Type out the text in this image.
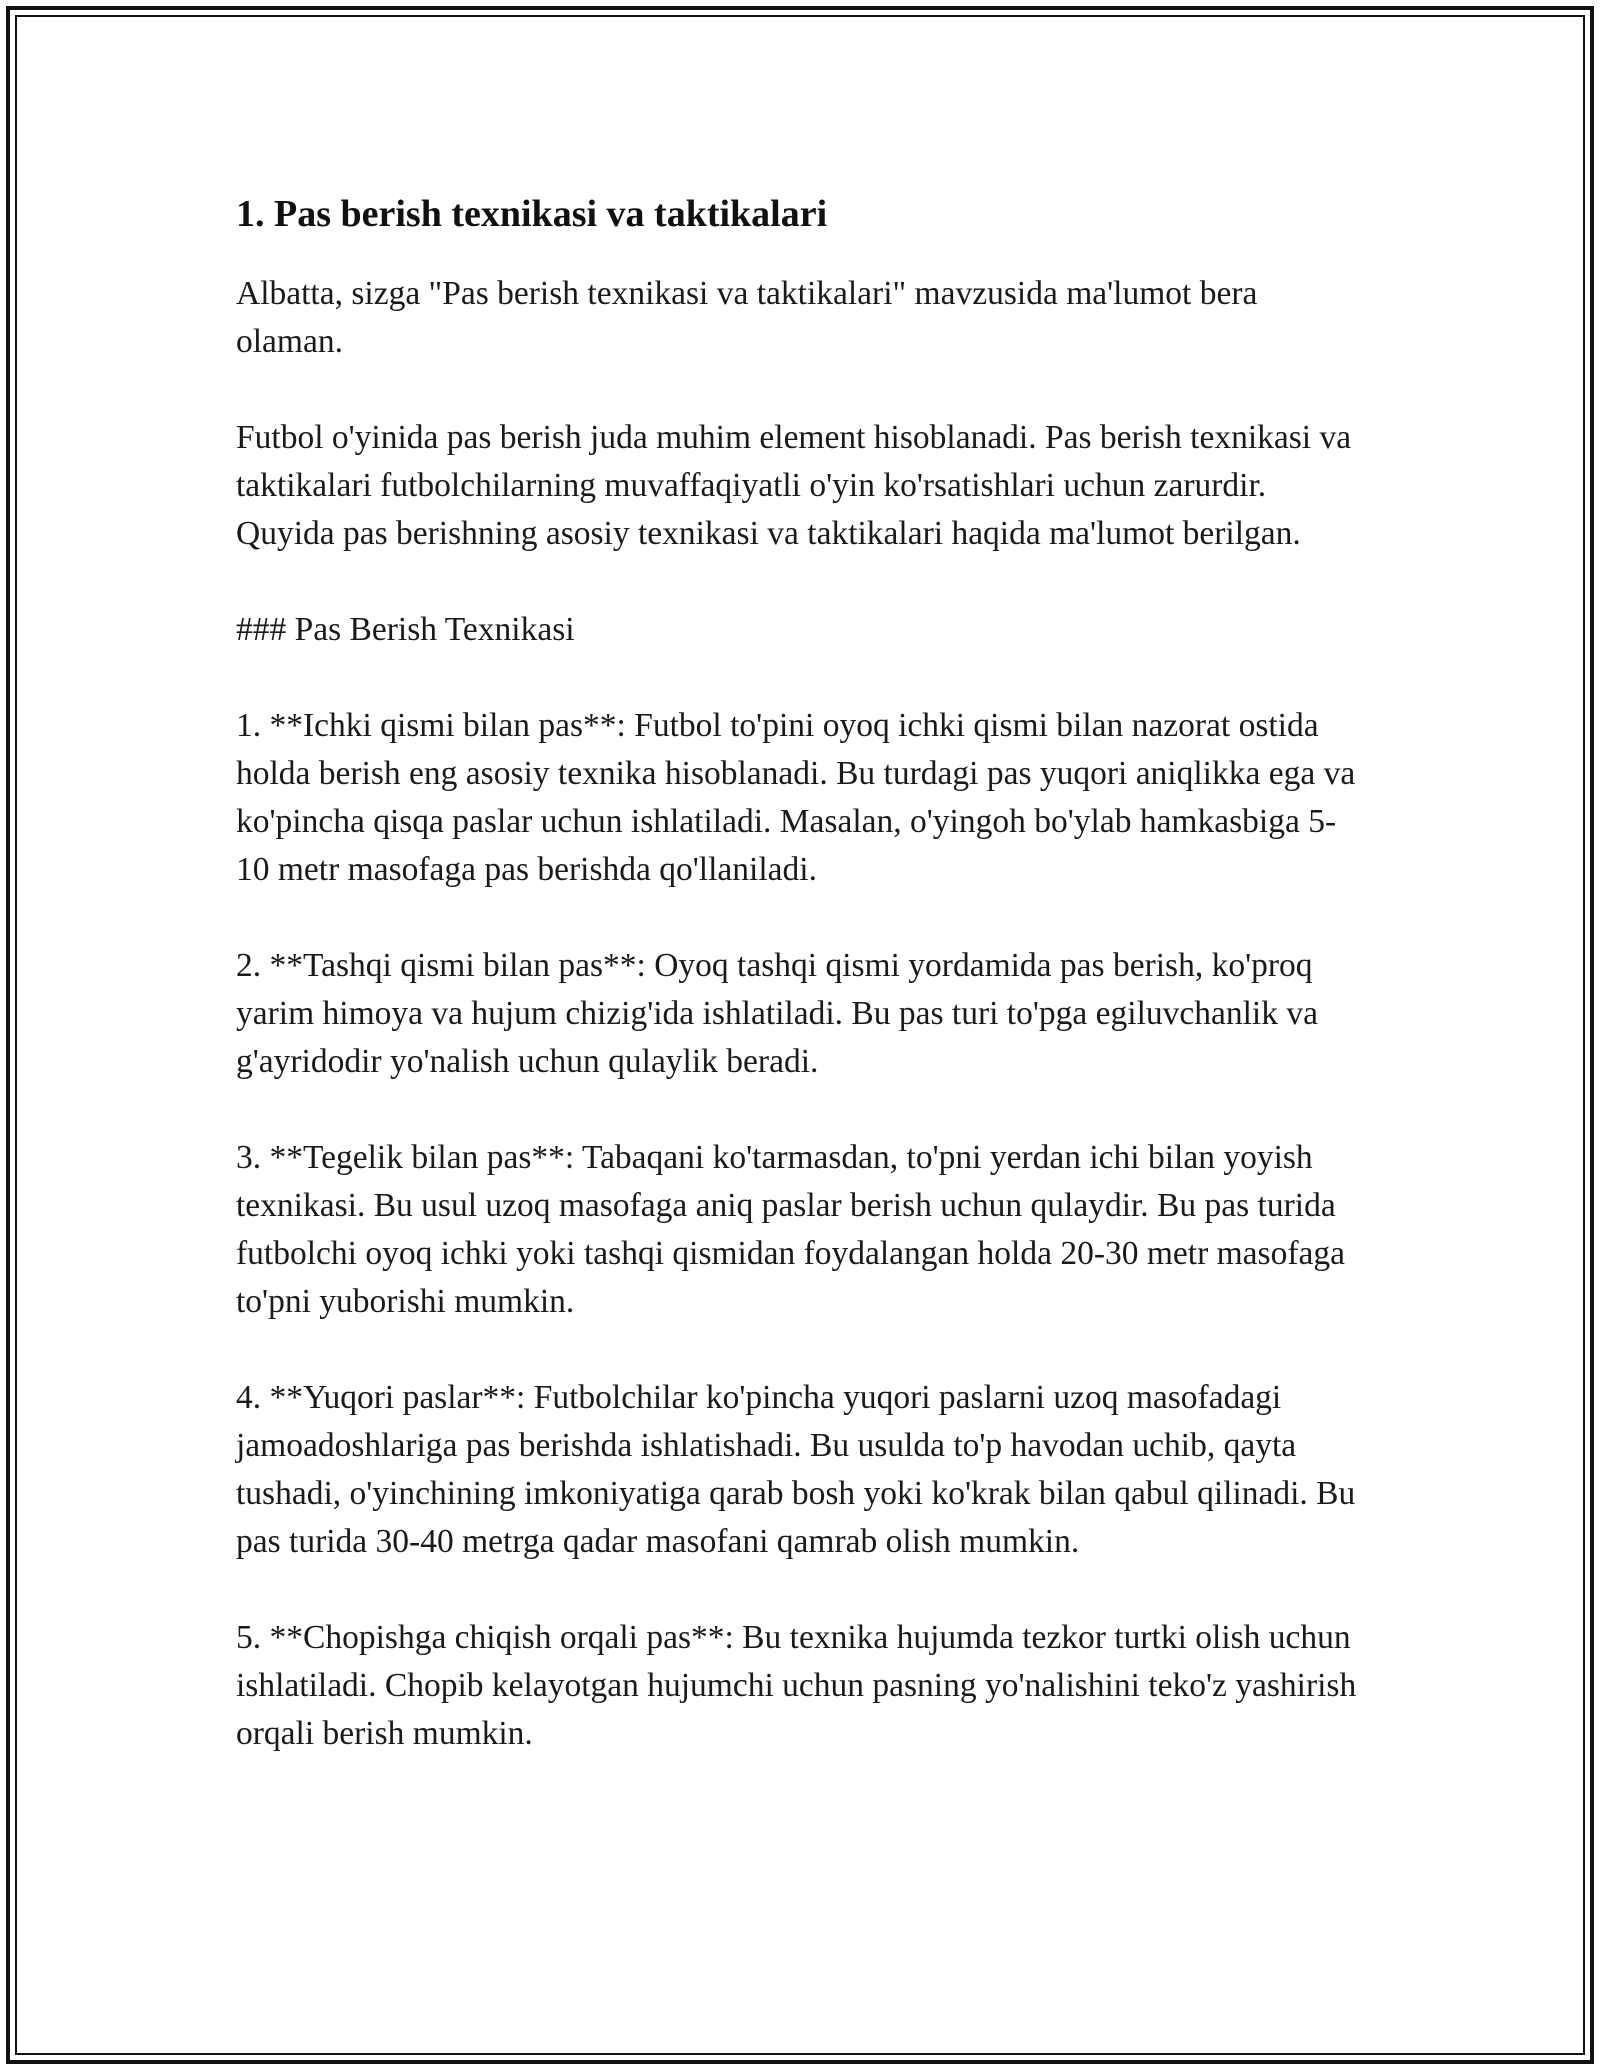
1. Pas berish texnikasi va taktikalari

Albatta, sizga "Pas berish texnikasi va taktikalari" mavzusida ma'lumot bera olaman.

Futbol o'yinida pas berish juda muhim element hisoblanadi. Pas berish texnikasi va taktikalari futbolchilarning muvaffaqiyatli o'yin ko'rsatishlari uchun zarurdir. Quyida pas berishning asosiy texnikasi va taktikalari haqida ma'lumot berilgan.

### Pas Berish Texnikasi

1. **Ichki qismi bilan pas**: Futbol to'pini oyoq ichki qismi bilan nazorat ostida holda berish eng asosiy texnika hisoblanadi. Bu turdagi pas yuqori aniqlikka ega va ko'pincha qisqa paslar uchun ishlatiladi. Masalan, o'yingoh bo'ylab hamkasbiga 5-10 metr masofaga pas berishda qo'llaniladi.

2. **Tashqi qismi bilan pas**: Oyoq tashqi qismi yordamida pas berish, ko'proq yarim himoya va hujum chizig'ida ishlatiladi. Bu pas turi to'pga egiluvchanlik va g'ayridodir yo'nalish uchun qulaylik beradi.

3. **Tegelik bilan pas**: Tabaqani ko'tarmasdan, to'pni yerdan ichi bilan yoyish texnikasi. Bu usul uzoq masofaga aniq paslar berish uchun qulaydir. Bu pas turida futbolchi oyoq ichki yoki tashqi qismidan foydalangan holda 20-30 metr masofaga to'pni yuborishi mumkin.

4. **Yuqori paslar**: Futbolchilar ko'pincha yuqori paslarni uzoq masofadagi jamoadoshlariga pas berishda ishlatishadi. Bu usulda to'p havodan uchib, qayta tushadi, o'yinchining imkoniyatiga qarab bosh yoki ko'krak bilan qabul qilinadi. Bu pas turida 30-40 metrga qadar masofani qamrab olish mumkin.

5. **Chopishga chiqish orqali pas**: Bu texnika hujumda tezkor turtki olish uchun ishlatiladi. Chopib kelayotgan hujumchi uchun pasning yo'nalishini teko'z yashirish orqali berish mumkin.
